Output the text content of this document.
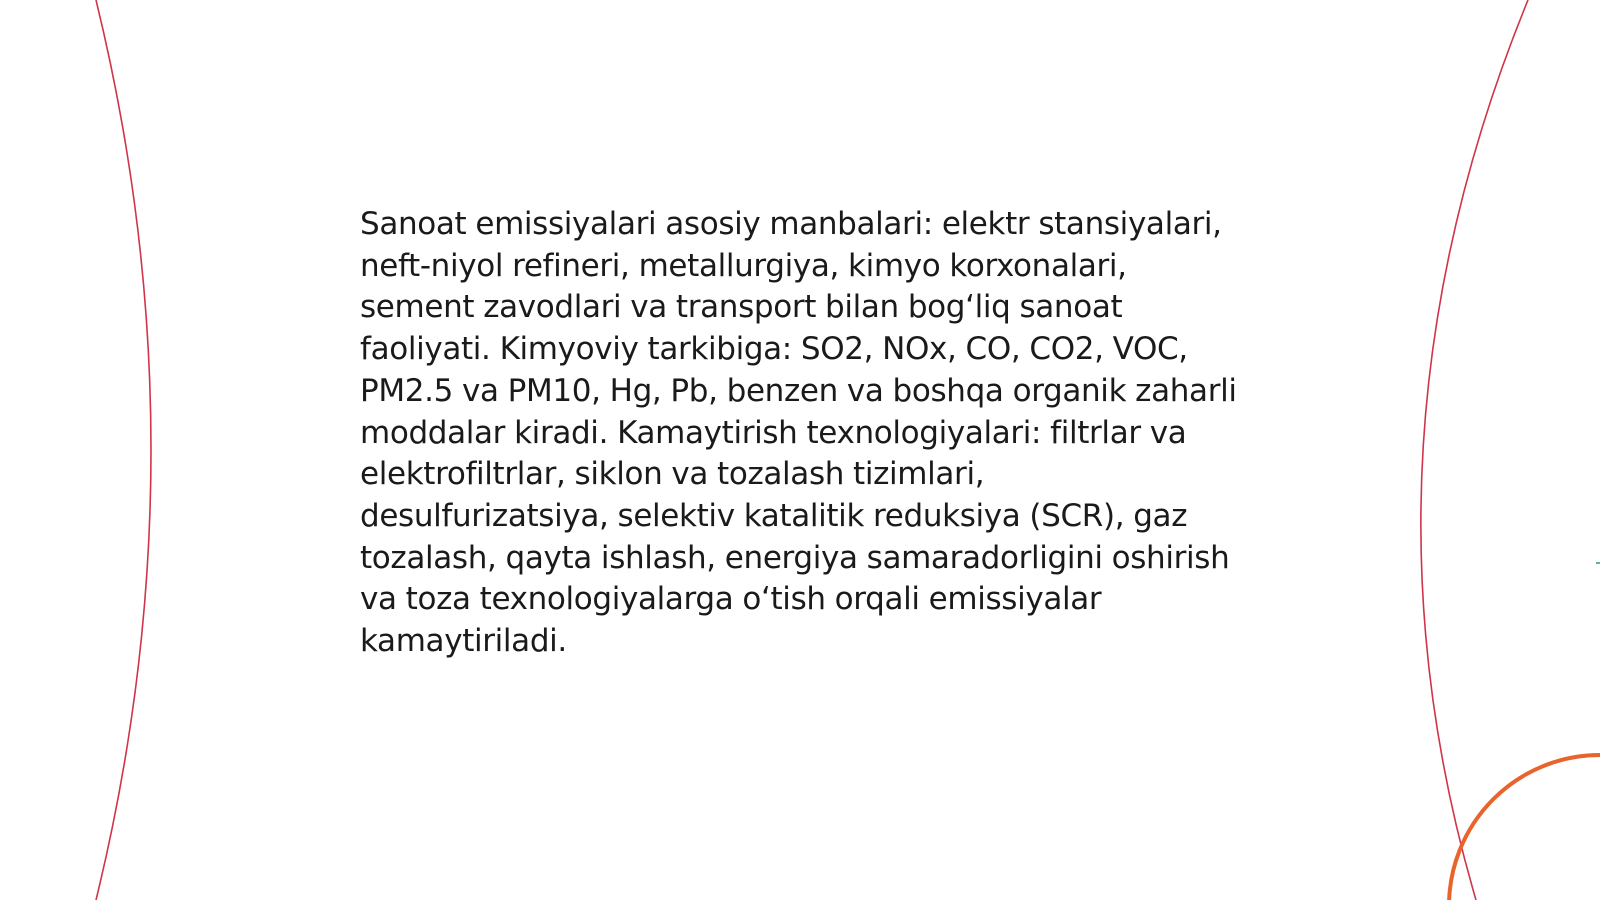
Sanoat emissiyalari asosiy manbalari: elektr stansiyalari, neft-niyol refineri, metallurgiya, kimyo korxonalari, sement zavodlari va transport bilan bog‘liq sanoat faoliyati. Kimyoviy tarkibiga: SO2, NOx, CO, CO2, VOC, PM2.5 va PM10, Hg, Pb, benzen va boshqa organik zaharli moddalar kiradi. Kamaytirish texnologiyalari: filtrlar va elektrofiltrlar, siklon va tozalash tizimlari, desulfurizatsiya, selektiv katalitik reduksiya (SCR), gaz tozalash, qayta ishlash, energiya samaradorligini oshirish va toza texnologiyalarga o‘tish orqali emissiyalar kamaytiriladi.
